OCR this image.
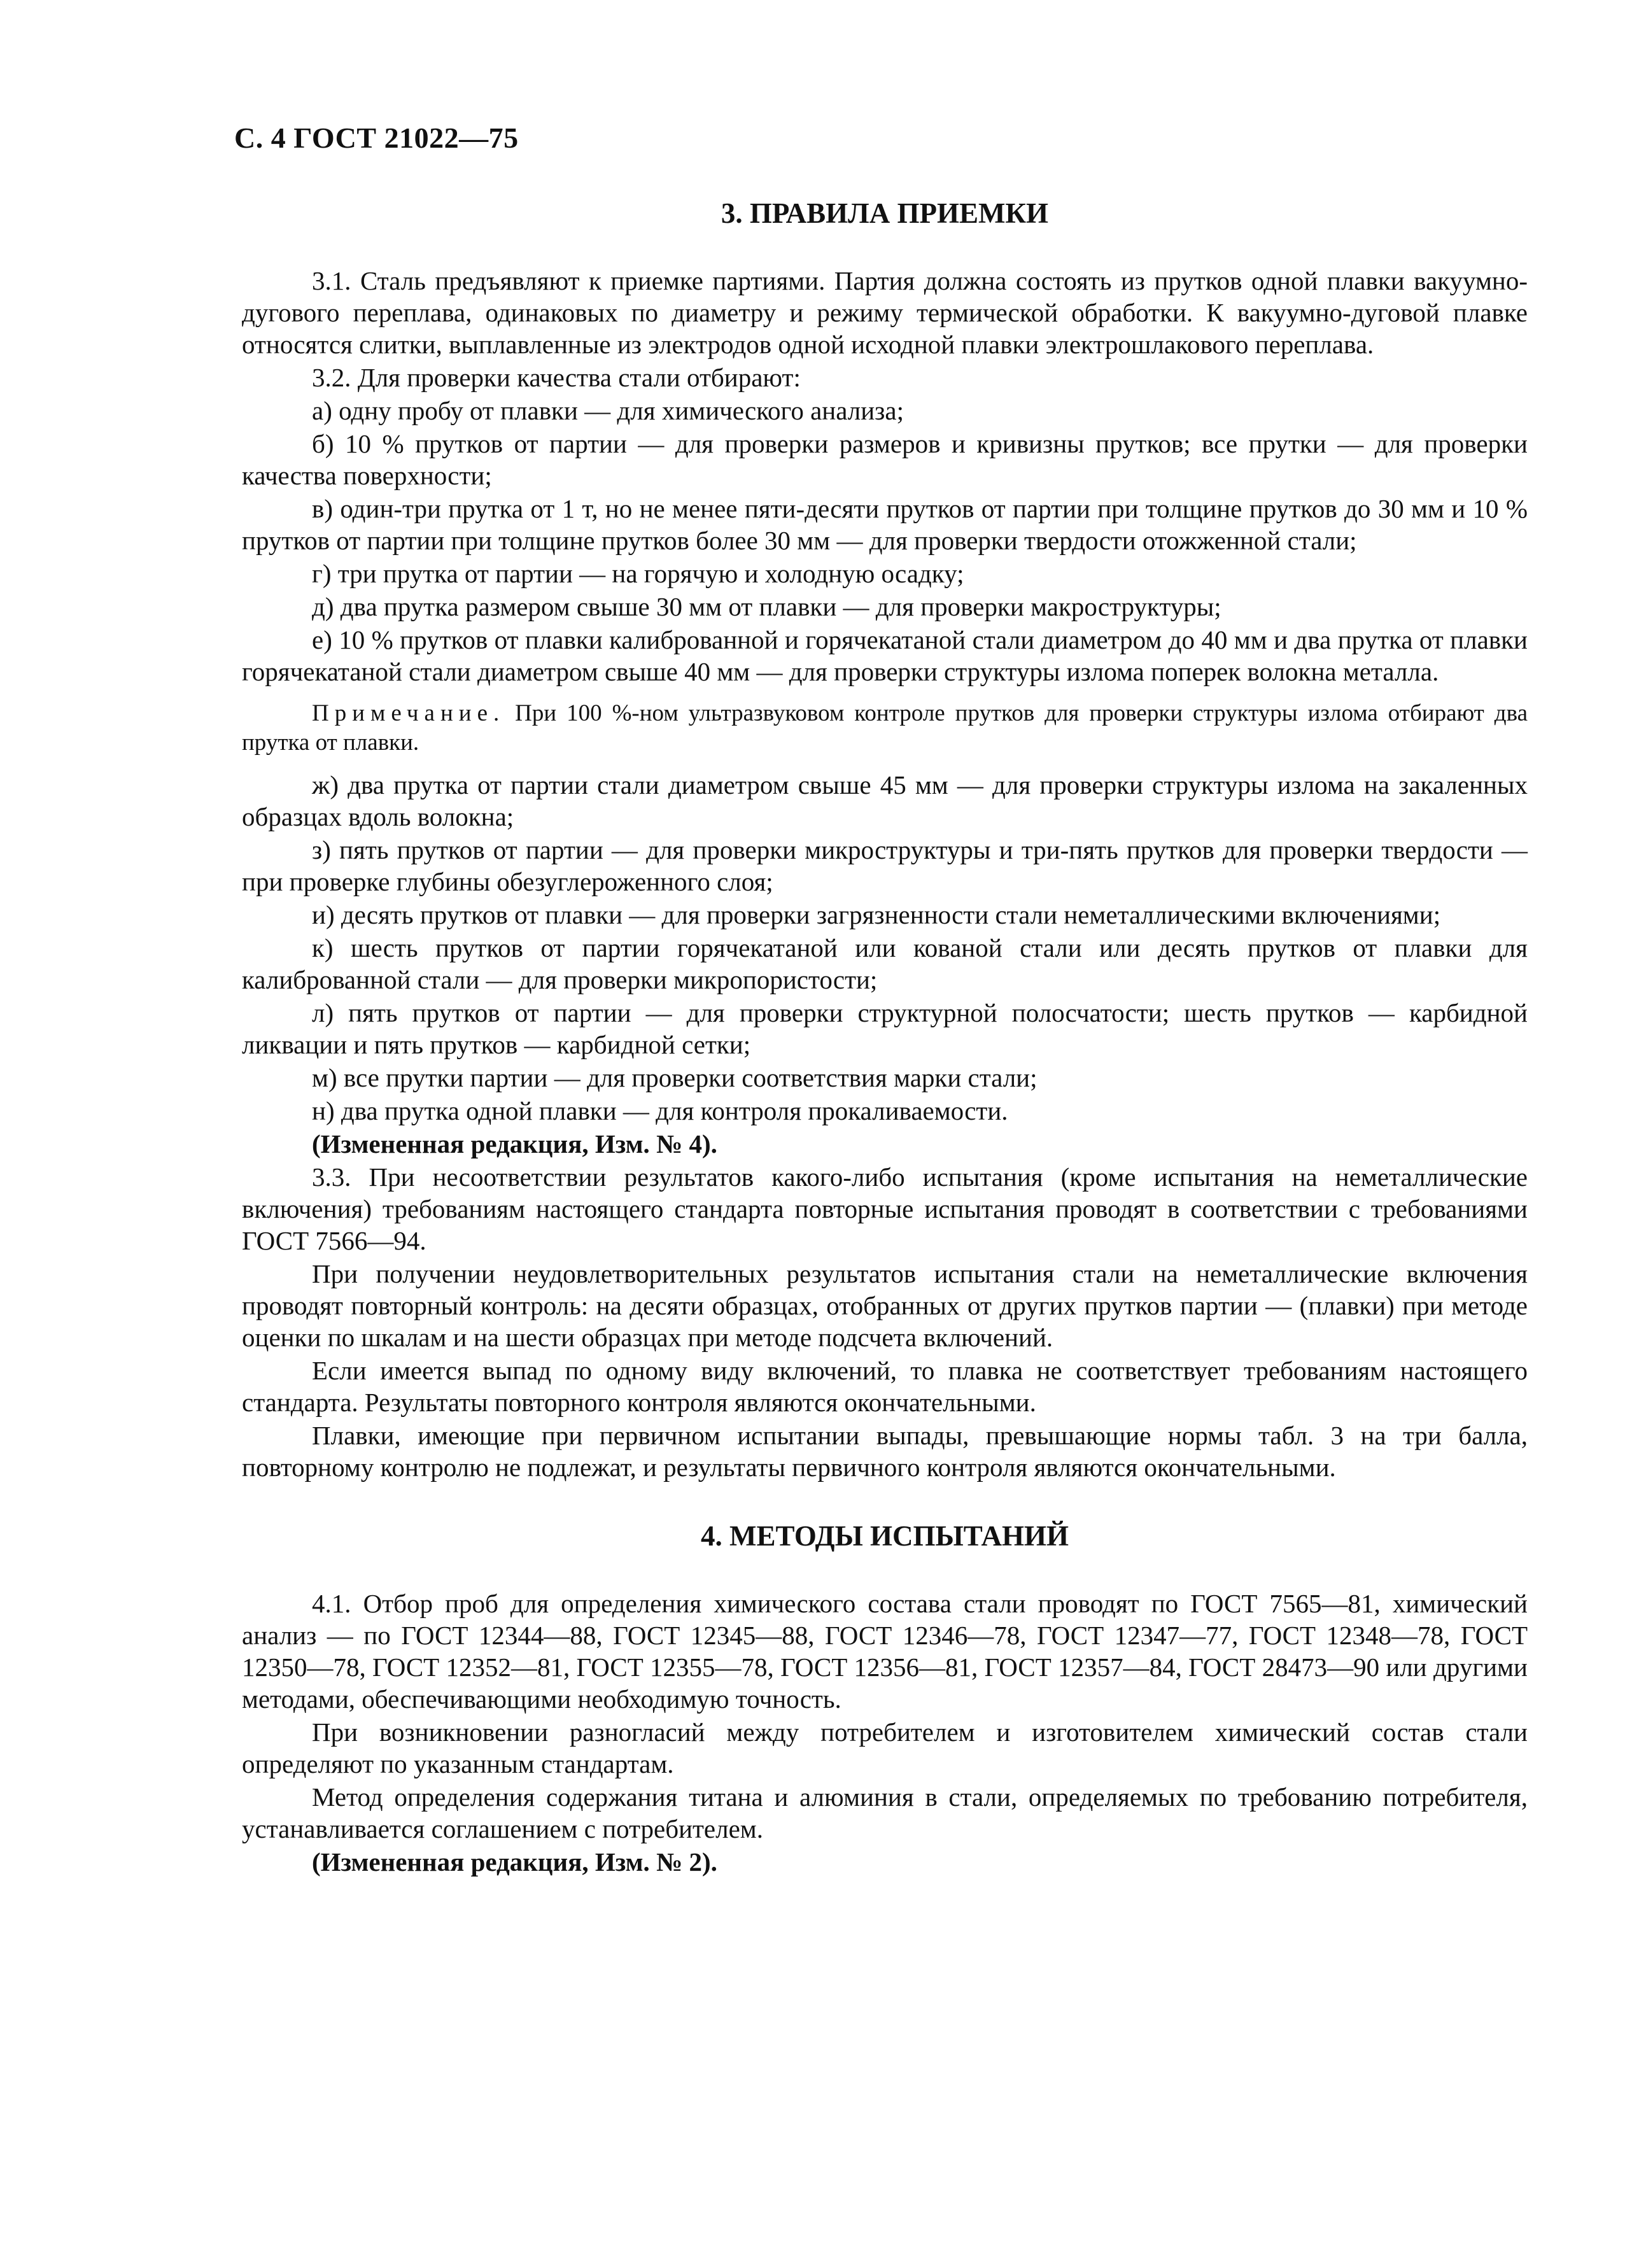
С. 4 ГОСТ 21022—75
3. ПРАВИЛА ПРИЕМКИ

3.1. Сталь предъявляют к приемке партиями. Партия должна состоять из прутков одной плавки вакуумно-дугового переплава, одинаковых по диаметру и режиму термической обработки. К вакуумно-дуговой плавке относятся слитки, выплавленные из электродов одной исходной плавки электрошлакового переплава.

3.2. Для проверки качества стали отбирают:

а) одну пробу от плавки — для химического анализа;

б) 10 % прутков от партии — для проверки размеров и кривизны прутков; все прутки — для проверки качества поверхности;

в) один-три прутка от 1 т, но не менее пяти-десяти прутков от партии при толщине прутков до 30 мм и 10 % прутков от партии при толщине прутков более 30 мм — для проверки твердости отожженной стали;

г) три прутка от партии — на горячую и холодную осадку;

д) два прутка размером свыше 30 мм от плавки — для проверки макроструктуры;

е) 10 % прутков от плавки калиброванной и горячекатаной стали диаметром до 40 мм и два прутка от плавки горячекатаной стали диаметром свыше 40 мм — для проверки структуры излома поперек волокна металла.

Примечание. При 100 %-ном ультразвуковом контроле прутков для проверки структуры излома отбирают два прутка от плавки.

ж) два прутка от партии стали диаметром свыше 45 мм — для проверки структуры излома на закаленных образцах вдоль волокна;

з) пять прутков от партии — для проверки микроструктуры и три-пять прутков для проверки твердости — при проверке глубины обезуглероженного слоя;

и) десять прутков от плавки — для проверки загрязненности стали неметаллическими включениями;

к) шесть прутков от партии горячекатаной или кованой стали или десять прутков от плавки для калиброванной стали — для проверки микропористости;

л) пять прутков от партии — для проверки структурной полосчатости; шесть прутков — карбидной ликвации и пять прутков — карбидной сетки;

м) все прутки партии — для проверки соответствия марки стали;

н) два прутка одной плавки — для контроля прокаливаемости.

(Измененная редакция, Изм. № 4).

3.3. При несоответствии результатов какого-либо испытания (кроме испытания на неметаллические включения) требованиям настоящего стандарта повторные испытания проводят в соответствии с требованиями ГОСТ 7566—94.

При получении неудовлетворительных результатов испытания стали на неметаллические включения проводят повторный контроль: на десяти образцах, отобранных от других прутков партии — (плавки) при методе оценки по шкалам и на шести образцах при методе подсчета включений.

Если имеется выпад по одному виду включений, то плавка не соответствует требованиям настоящего стандарта. Результаты повторного контроля являются окончательными.

Плавки, имеющие при первичном испытании выпады, превышающие нормы табл. 3 на три балла, повторному контролю не подлежат, и результаты первичного контроля являются окончательными.

4. МЕТОДЫ ИСПЫТАНИЙ

4.1. Отбор проб для определения химического состава стали проводят по ГОСТ 7565—81, химический анализ — по ГОСТ 12344—88, ГОСТ 12345—88, ГОСТ 12346—78, ГОСТ 12347—77, ГОСТ 12348—78, ГОСТ 12350—78, ГОСТ 12352—81, ГОСТ 12355—78, ГОСТ 12356—81, ГОСТ 12357—84, ГОСТ 28473—90 или другими методами, обеспечивающими необходимую точность.

При возникновении разногласий между потребителем и изготовителем химический состав стали определяют по указанным стандартам.

Метод определения содержания титана и алюминия в стали, определяемых по требованию потребителя, устанавливается соглашением с потребителем.

(Измененная редакция, Изм. № 2).
